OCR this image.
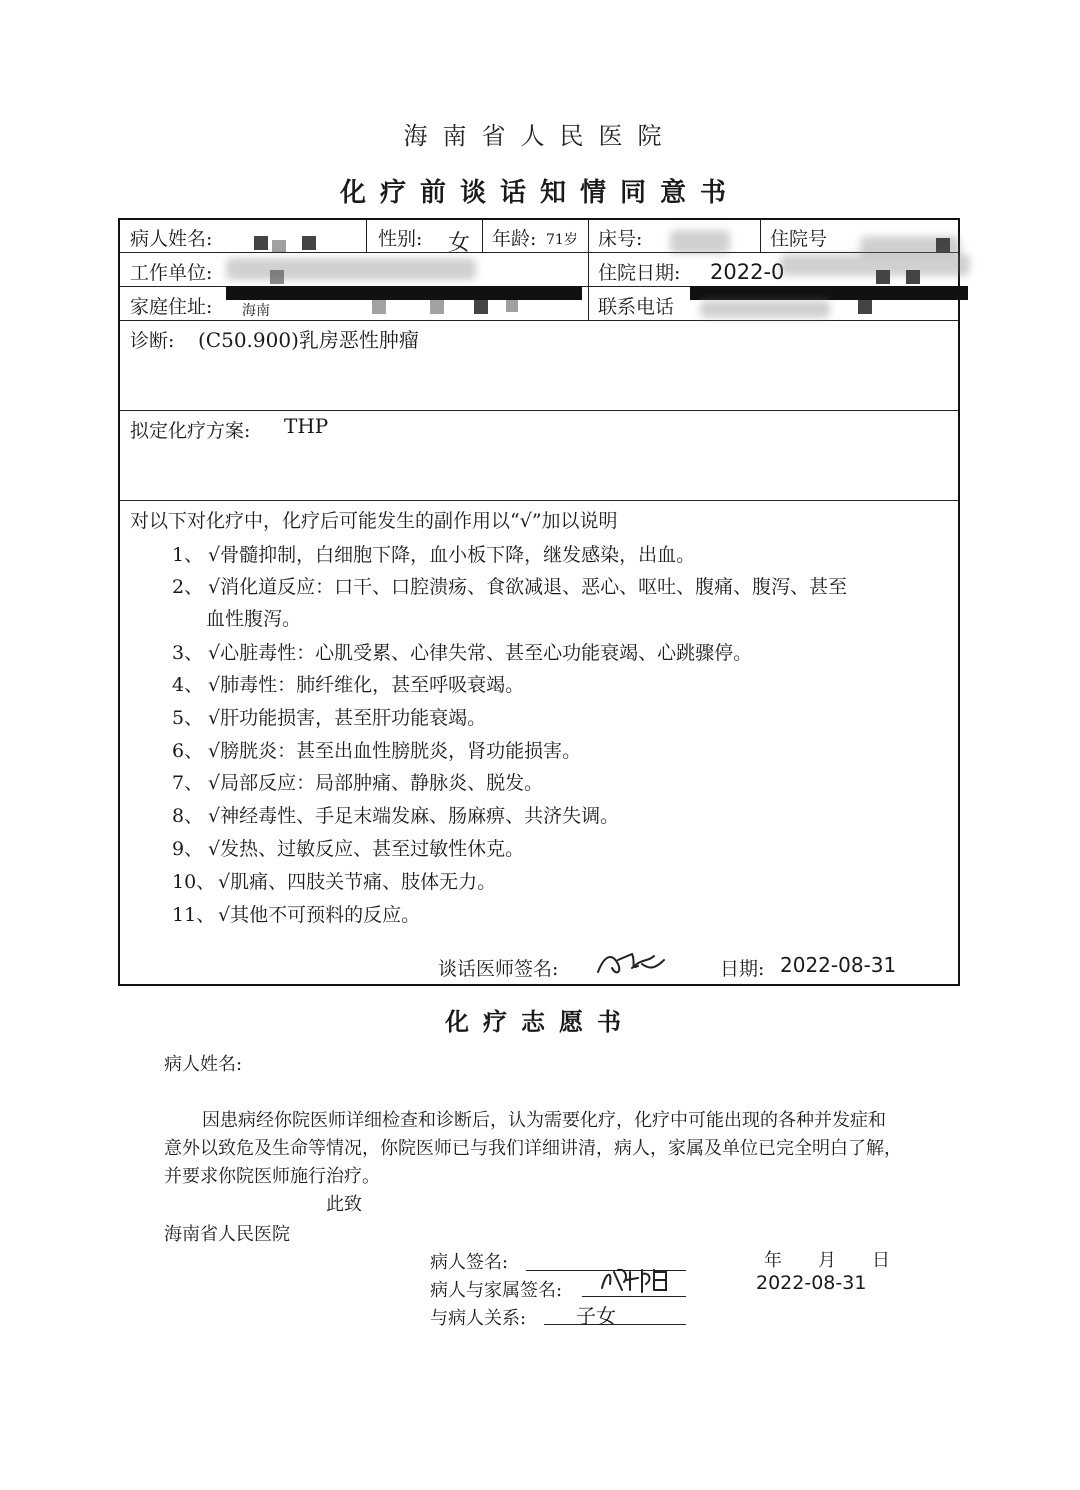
海南省人民医院
化疗前谈话知情同意书
病人姓名:	性别: 女 年龄: 71岁 床号:	住院号
工作单位:	住院日期: 2022-0
家庭住址: 海南	联系电话
诊断: (C50.900)乳房恶性肿瘤
拟定化疗方案: THP
对以下对化疗中，化疗后可能发生的副作用以“√”加以说明
1、 √骨髓抑制，白细胞下降，血小板下降，继发感染，出血。
2、 √消化道反应：口干、口腔溃疡、食欲减退、恶心、呕吐、腹痛、腹泻、甚至
血性腹泻。
3、 √心脏毒性：心肌受累、心律失常、甚至心功能衰竭、心跳骤停。
4、 √肺毒性：肺纤维化，甚至呼吸衰竭。
5、 √肝功能损害，甚至肝功能衰竭。
6、 √膀胱炎：甚至出血性膀胱炎，肾功能损害。
7、 √局部反应：局部肿痛、静脉炎、脱发。
8、 √神经毒性、手足末端发麻、肠麻痹、共济失调。
9、 √发热、过敏反应、甚至过敏性休克。
10、 √肌痛、四肢关节痛、肢体无力。
11、 √其他不可预料的反应。
谈话医师签名:	日期: 2022-08-31
化疗志愿书
病人姓名:
因患病经你院医师详细检查和诊断后，认为需要化疗，化疗中可能出现的各种并发症和
意外以致危及生命等情况，你院医师已与我们详细讲清，病人，家属及单位已完全明白了解，
并要求你院医师施行治疗。
此致
海南省人民医院
病人签名:	年　　月　　日
病人与家属签名:	2022-08-31
与病人关系: 子女
